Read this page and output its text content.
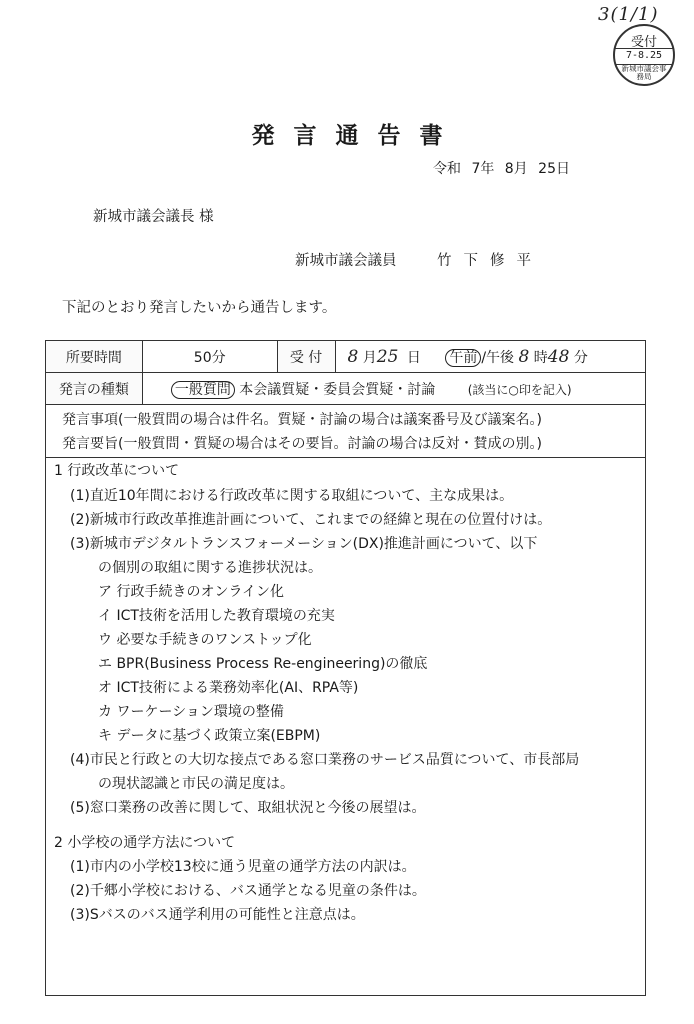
3(1/1)
受付
7-8.25
新城市議会事務局
発言通告書
令和 7年 8月 25日
新城市議会議長 様
新城市議会議員	竹下修平
下記のとおり発言したいから通告します。
所要時間	50分	受 付	8 月25 日 午前 /午後 8 時48 分
発言の種類	一般質問 本会議質疑・委員会質疑・討論 (該当に○印を記入)		
発言事項(一般質問の場合は件名。質疑・討論の場合は議案番号及び議案名。)
発言要旨(一般質問・質疑の場合はその要旨。討論の場合は反対・賛成の別。)
1 行政改革について
(1)直近10年間における行政改革に関する取組について、主な成果は。
(2)新城市行政改革推進計画について、これまでの経緯と現在の位置付けは。
(3)新城市デジタルトランスフォーメーション(DX)推進計画について、以下
の個別の取組に関する進捗状況は。
ア 行政手続きのオンライン化
イ ICT技術を活用した教育環境の充実
ウ 必要な手続きのワンストップ化
エ BPR(Business Process Re-engineering)の徹底
オ ICT技術による業務効率化(AI、RPA等)
カ ワーケーション環境の整備
キ データに基づく政策立案(EBPM)
(4)市民と行政との大切な接点である窓口業務のサービス品質について、市長部局
の現状認識と市民の満足度は。
(5)窓口業務の改善に関して、取組状況と今後の展望は。
2 小学校の通学方法について
(1)市内の小学校13校に通う児童の通学方法の内訳は。
(2)千郷小学校における、バス通学となる児童の条件は。
(3)Sバスのバス通学利用の可能性と注意点は。
